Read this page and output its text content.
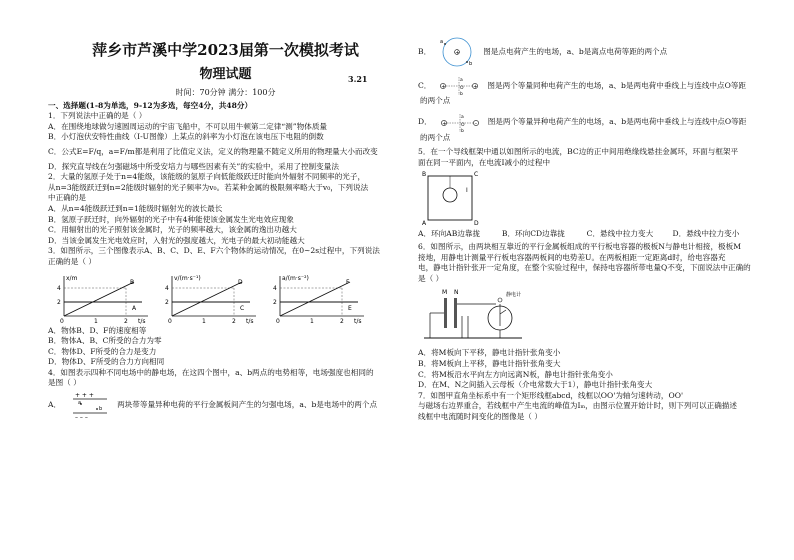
萍乡市芦溪中学2023届第一次模拟考试

物理试题	3.21

时间：70分钟 满分：100分

一、选择题(1-8为单选，9-12为多选，每空4分，共48分）

1．下列说法中正确的是（ ）

A．在围绕地球做匀速圆周运动的宇宙飞船中，不可以用牛顿第二定律“测”物体质量

B．小灯泡伏安特性曲线（I-U图像）上某点的斜率为小灯泡在该电压下电阻的倒数

C．公式E=F/q，a=F/m都是利用了比值定义法，定义的物理量不随定义所用的物理量大小而改变

D．探究直导线在匀强磁场中所受安培力与哪些因素有关”的实验中，采用了控制变量法

2．大量的氢原子处于n=4能级，该能级的氢原子向低能级跃迁时能向外辐射不同频率的光子，

从n=3能级跃迁到n=2能级时辐射的光子频率为v₀。若某种金属的极限频率略大于v₀，下列说法

中正确的是

A．从n=4能级跃迁到n=1能级时辐射光的波长最长

B．氢原子跃迁时，向外辐射的光子中有4种能使该金属发生光电效应现象

C．用辐射出的光子照射该金属时，光子的频率越大，该金属的逸出功越大

D．当该金属发生光电效应时，入射光的强度越大，光电子的最大初动能越大

3．如图所示，三个图像表示A、B、C、D、E、F六个物体的运动情况，在0~2s过程中，下列说法

正确的是（ ）

x/m
t/s
4
2
0	1	2
B
A
v/(m·s⁻¹)
t/s
4
2
0	1	2
D
C
a/(m·s⁻²)
t/s
4
2
0	1	2
F
E

A．物体B、D、F的速度相等

B．物体A、B、C所受的合力为零

C．物体D、F所受的合力是变力

D．物体D、F所受的合力方向相同

4．如图表示四种不同电场中的静电场，在这四个图中，a、b两点的电势相等，电场强度也相同的

是图（ ）

A．
+ + +
– – –
a
b
两块带等量异种电荷的平行金属板间产生的匀强电场，a、b是电场中的两个点
B．	+
a
b
图是点电荷产生的电场，a、b是离点电荷等距的两个点
C． +	+
a
O
b
图是两个等量同种电荷产生的电场，a、b是两电荷中垂线上与连线中点O等距

的两个点

D． +	–
a
O
b
图是两个等量异种电荷产生的电场，a、b是两电荷中垂线上与连线中点O等距

的两个点

5．在一个导线框架中通以如图所示的电流，BC边的正中间用绝缘线悬挂金属环，环面与框架平

面在同一平面内，在电流I减小的过程中

B	C
A	D
I

A．环向AB边靠拢	B．环向CD边靠拢	C．悬线中拉力变大	D．悬线中拉力变小

6．如图所示，由两块相互靠近的平行金属板组成的平行板电容器的极板N与静电计相接，极板M

接地，用静电计测量平行板电容器两板间的电势差U。在两板相距一定距离d时，给电容器充

电，静电计指针张开一定角度，在整个实验过程中，保持电容器所带电量Q不变，下面说法中正确的

是（ ）

M N	静电计

A．将M板向下平移，静电计指针张角变小

B．将M板向上平移，静电计指针张角变大

C．将M板沿水平向左方向远离N板，静电计指针张角变小

D．在M、N之间插入云母板（介电常数大于1），静电计指针张角变大

7．如图甲直角坐标系中有一个矩形线框abcd，线框以OO'为轴匀速转动，OO'

与磁场右边界重合，若线框中产生电流的峰值为Iₘ，由图示位置开始计时，则下列可以正确描述

线框中电流随时间变化的图像是（ ）
